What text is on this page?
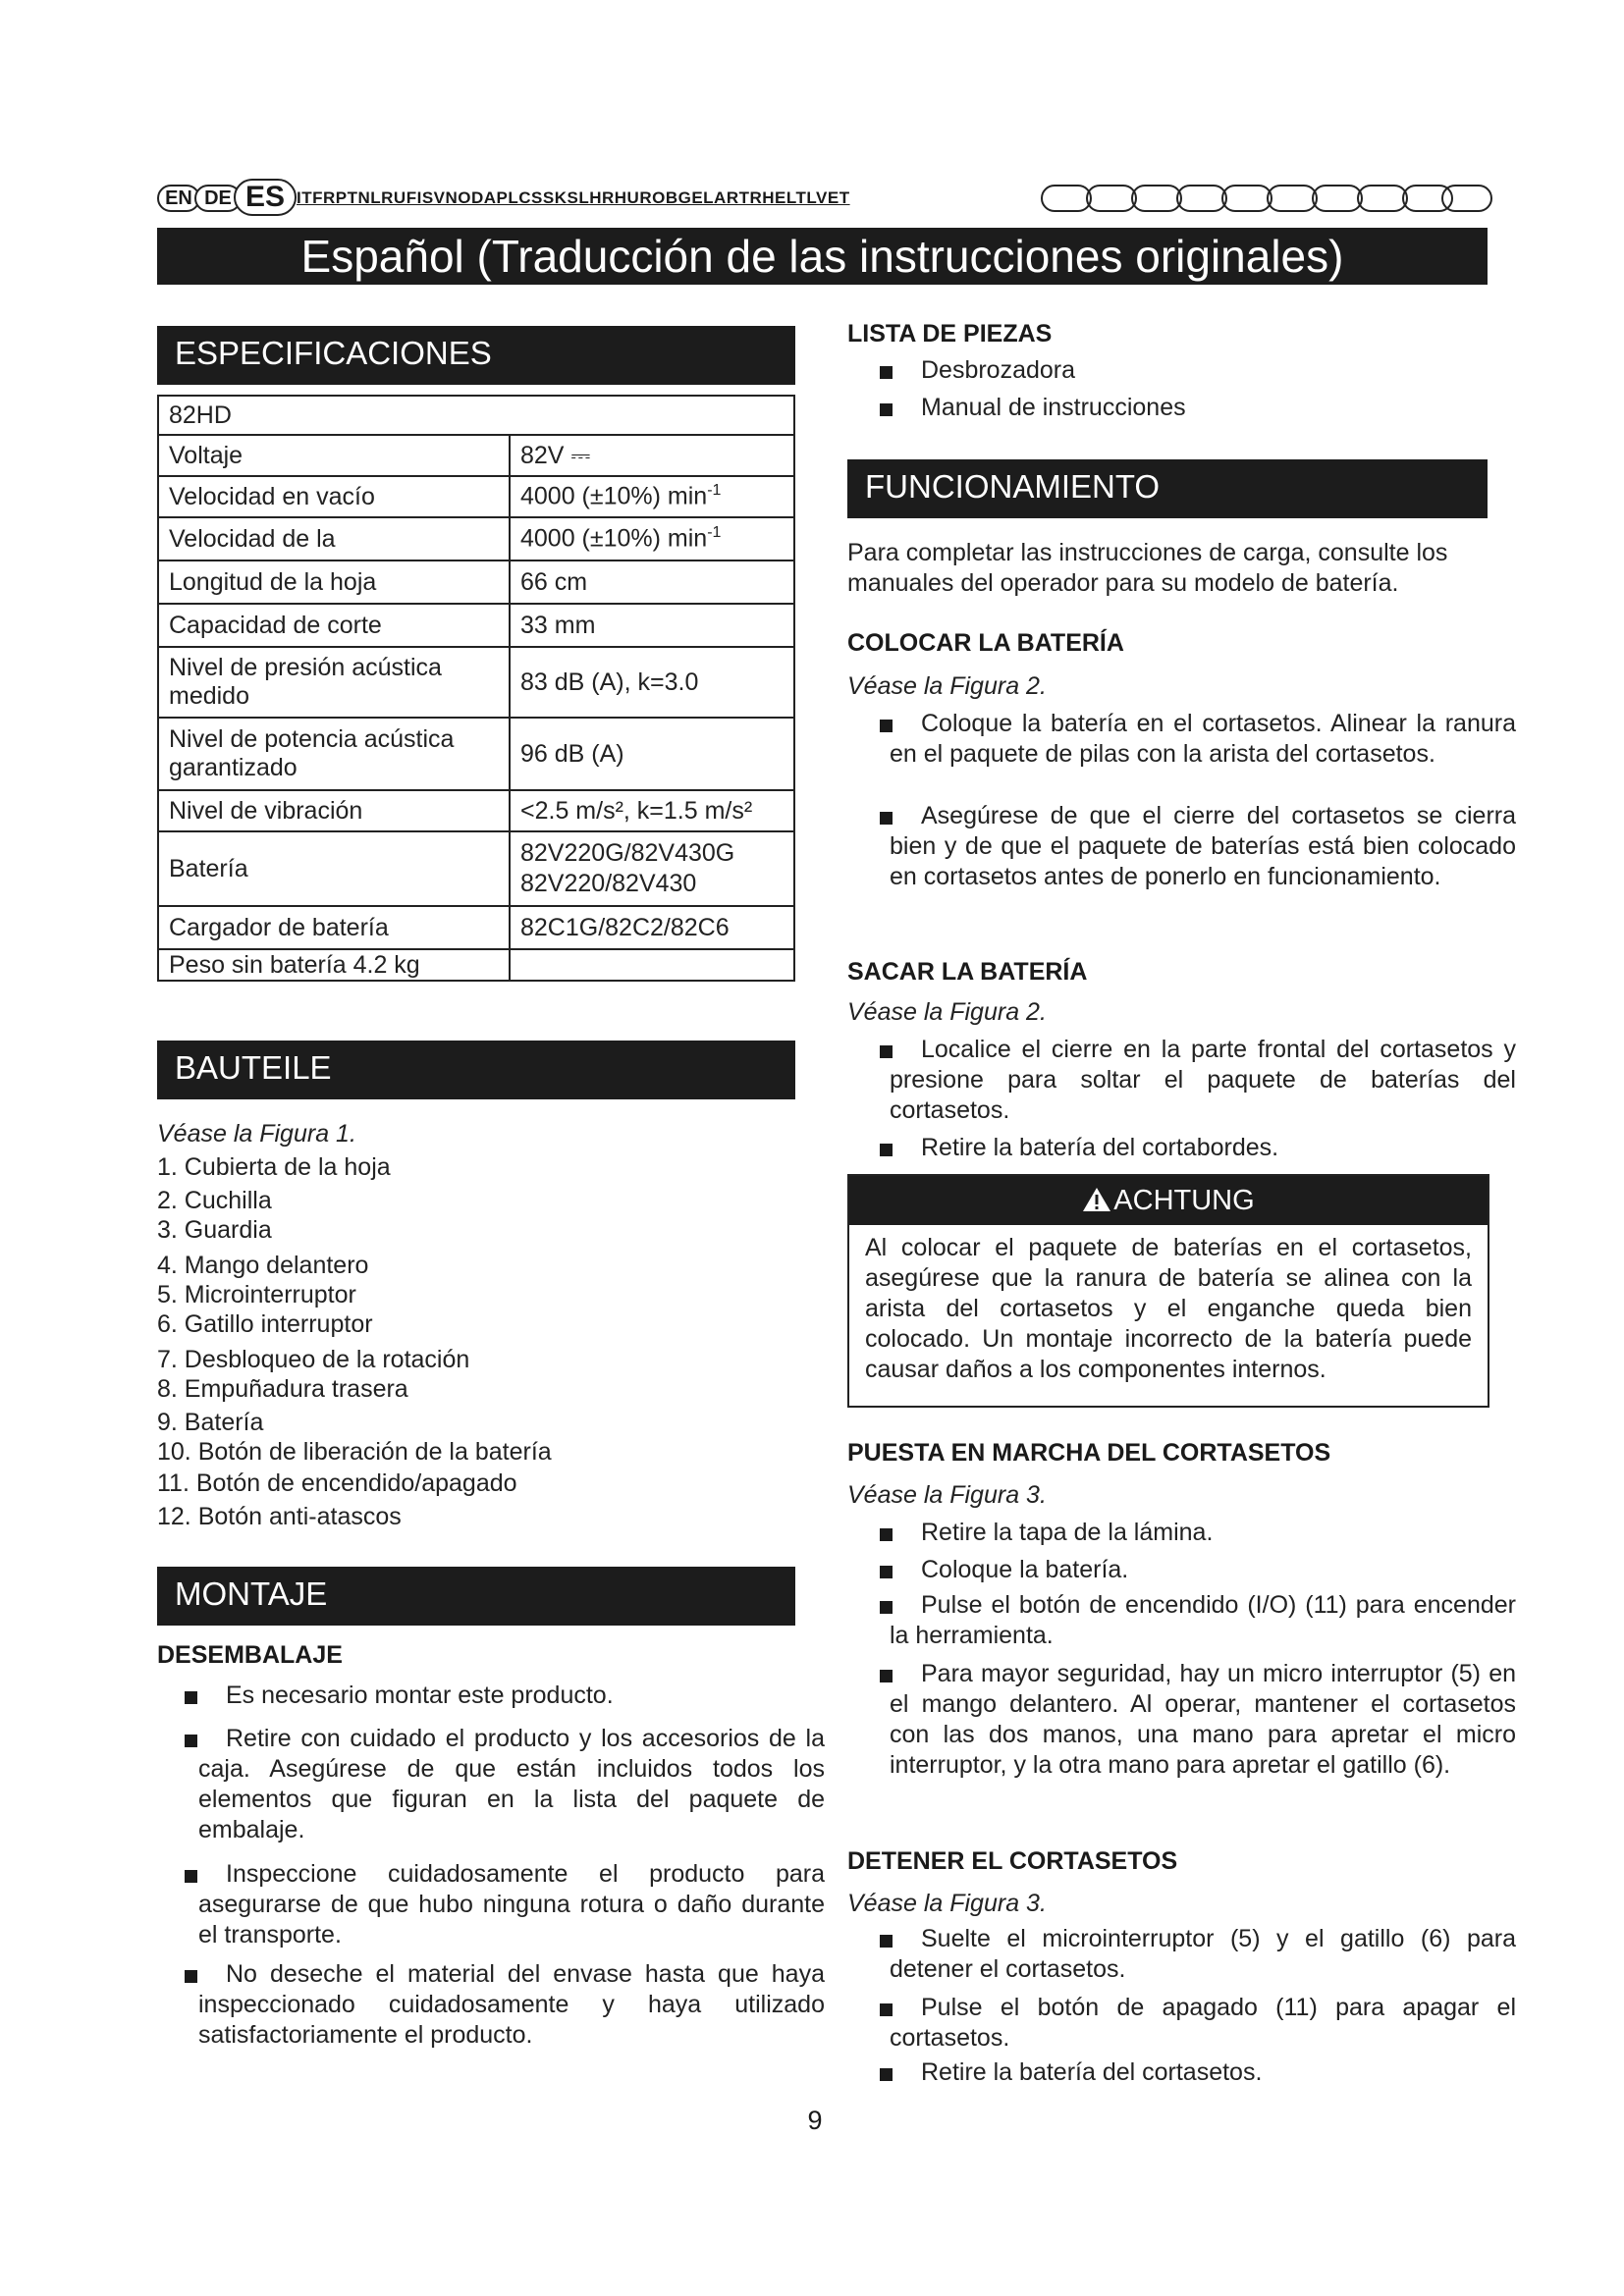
EN DE ES ITFRPTNLRUFISVNODAPLCSSKSLHRHUROBGELARTRHELTLVET
Español (Traducción de las instrucciones originales)
ESPECIFICACIONES
82HD	
Voltaje	82V ⎓
Velocidad en vacío	4000 (±10%) $\min^{-1}$
Velocidad de la	4000 (±10%) $\min^{-1}$
Longitud de la hoja	66 cm
Capacidad de corte	33 mm
Nivel de presión acústica medido	83 dB (A), k=3.0
Nivel de potencia acústica garantizado	96 dB (A)
Nivel de vibración	<2.5 m/s², k=1.5 m/s²
Batería	82V220G/82V430G 82V220/82V430
Cargador de batería	82C1G/82C2/82C6
Peso sin batería 4.2 kg	
BAUTEILE
Véase la Figura 1.
1. Cubierta de la hoja
2. Cuchilla
3. Guardia
4. Mango delantero
5. Microinterruptor
6. Gatillo interruptor
7. Desbloqueo de la rotación
8. Empuñadura trasera
9. Batería
10. Botón de liberación de la batería
11. Botón de encendido/apagado
12. Botón anti-atascos
MONTAJE
DESEMBALAJE
Es necesario montar este producto.
Retire con cuidado el producto y los accesorios de la caja. Asegúrese de que están incluidos todos los elementos que figuran en la lista del paquete de embalaje.
Inspeccione cuidadosamente el producto para asegurarse de que hubo ninguna rotura o daño durante el transporte.
No deseche el material del envase hasta que haya inspeccionado cuidadosamente y haya utilizado satisfactoriamente el producto.
LISTA DE PIEZAS
Desbrozadora
Manual de instrucciones
FUNCIONAMIENTO
Para completar las instrucciones de carga, consulte los manuales del operador para su modelo de batería.
COLOCAR LA BATERÍA
Véase la Figura 2.
Coloque la batería en el cortasetos. Alinear la ranura en el paquete de pilas con la arista del cortasetos.
Asegúrese de que el cierre del cortasetos se cierra bien y de que el paquete de baterías está bien colocado en cortasetos antes de ponerlo en funcionamiento.
SACAR LA BATERÍA
Véase la Figura 2.
Localice el cierre en la parte frontal del cortasetos y presione para soltar el paquete de baterías del cortasetos.
Retire la batería del cortabordes.
ACHTUNG
Al colocar el paquete de baterías en el cortasetos, asegúrese que la ranura de batería se alinea con la arista del cortasetos y el enganche queda bien colocado. Un montaje incorrecto de la batería puede causar daños a los componentes internos.
PUESTA EN MARCHA DEL CORTASETOS
Véase la Figura 3.
Retire la tapa de la lámina.
Coloque la batería.
Pulse el botón de encendido (I/O) (11) para encender la herramienta.
Para mayor seguridad, hay un micro interruptor (5) en el mango delantero. Al operar, mantener el cortasetos con las dos manos, una mano para apretar el micro interruptor, y la otra mano para apretar el gatillo (6).
DETENER EL CORTASETOS
Véase la Figura 3.
Suelte el microinterruptor (5) y el gatillo (6) para detener el cortasetos.
Pulse el botón de apagado (11) para apagar el cortasetos.
Retire la batería del cortasetos.
9
